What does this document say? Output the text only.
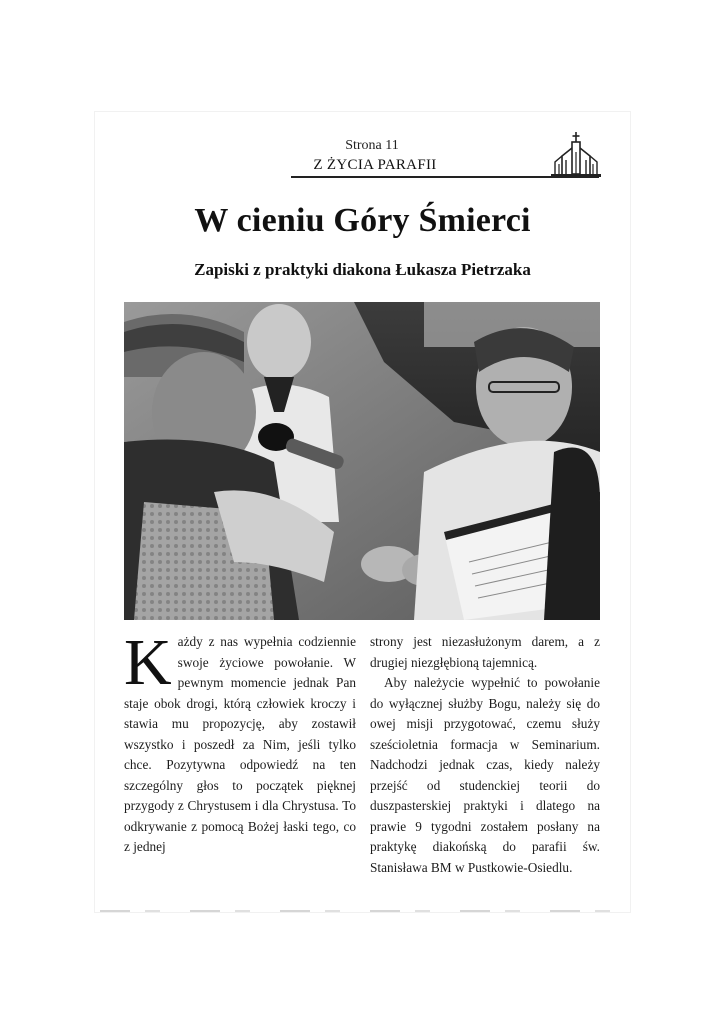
Strona 11
Z ŻYCIA PARAFII
W cieniu Góry Śmierci
Zapiski z praktyki diakona Łukasza Pietrzaka

Każdy z nas wypełnia codziennie swoje życiowe powołanie. W pewnym momencie jednak Pan staje obok drogi, którą człowiek kroczy i stawia mu propozycję, aby zostawił wszystko i poszedł za Nim, jeśli tylko chce. Pozytywna odpowiedź na ten szczególny głos to początek pięknej przygody z Chrystusem i dla Chrystusa. To odkrywanie z pomocą Bożej łaski tego, co z jednej

strony jest niezasłużonym darem, a z drugiej niezgłębioną tajemnicą.

Aby należycie wypełnić to powołanie do wyłącznej służby Bogu, należy się do owej misji przygotować, czemu służy sześcioletnia formacja w Seminarium. Nadchodzi jednak czas, kiedy należy przejść od studenckiej teorii do duszpasterskiej praktyki i dlatego na prawie 9 tygodni zostałem posłany na praktykę diakońską do parafii św. Stanisława BM w Pustkowie-Osiedlu.
